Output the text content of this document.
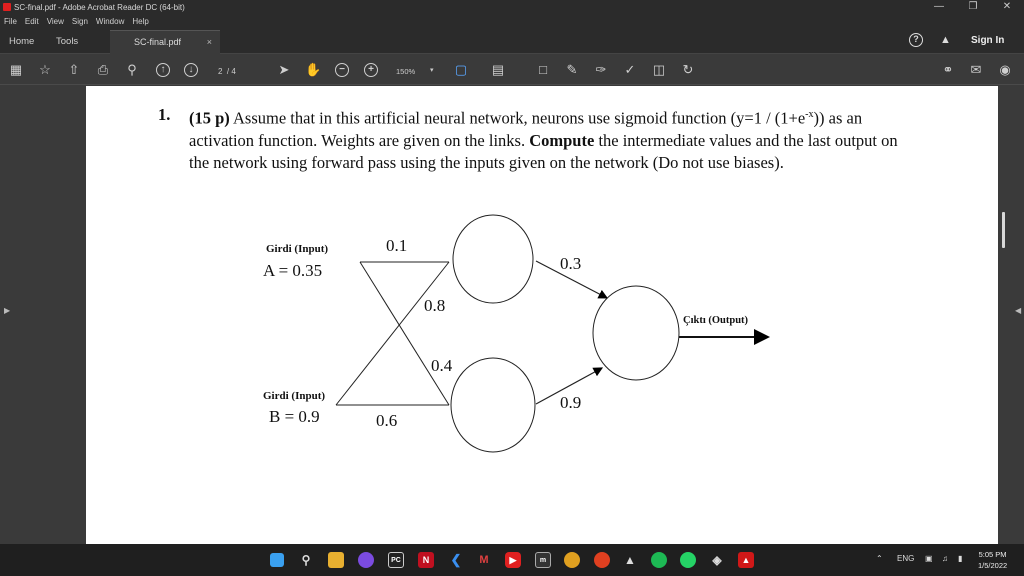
SC-final.pdf - Adobe Acrobat Reader DC (64-bit)	—	❐	✕
File Edit View Sign Window Help
Home Tools	SC-final.pdf	×	?	▲ Sign In
▦ ☆ ⇧ ⎙ ⚲	↑	↓	2 / 4	➤ ✋	−	+	150% ▾ ▢ ▤	□	✎ ✑ ✓ ◫ ↻	⚭ ✉ ◉
▶
1. (15 p) Assume that in this artificial neural network, neurons use sigmoid function $(y=1 / (1+e^{-x}))$ as an activation function. Weights are given on the links. Compute the intermediate values and the last output on the network using forward pass using the inputs given on the network (Do not use biases).
Girdi (Input)
A = 0.35
Girdi (Input)
B = 0.9
0.1
0.8
0.4
0.6
0.3
0.9
Çıktı (Output)
◀
⚲	PC	N	❮	M	▶	m	▲	◈	▲	⌃ ENG ▣ ♫ ▮ 5:05 PM
1/5/2022
